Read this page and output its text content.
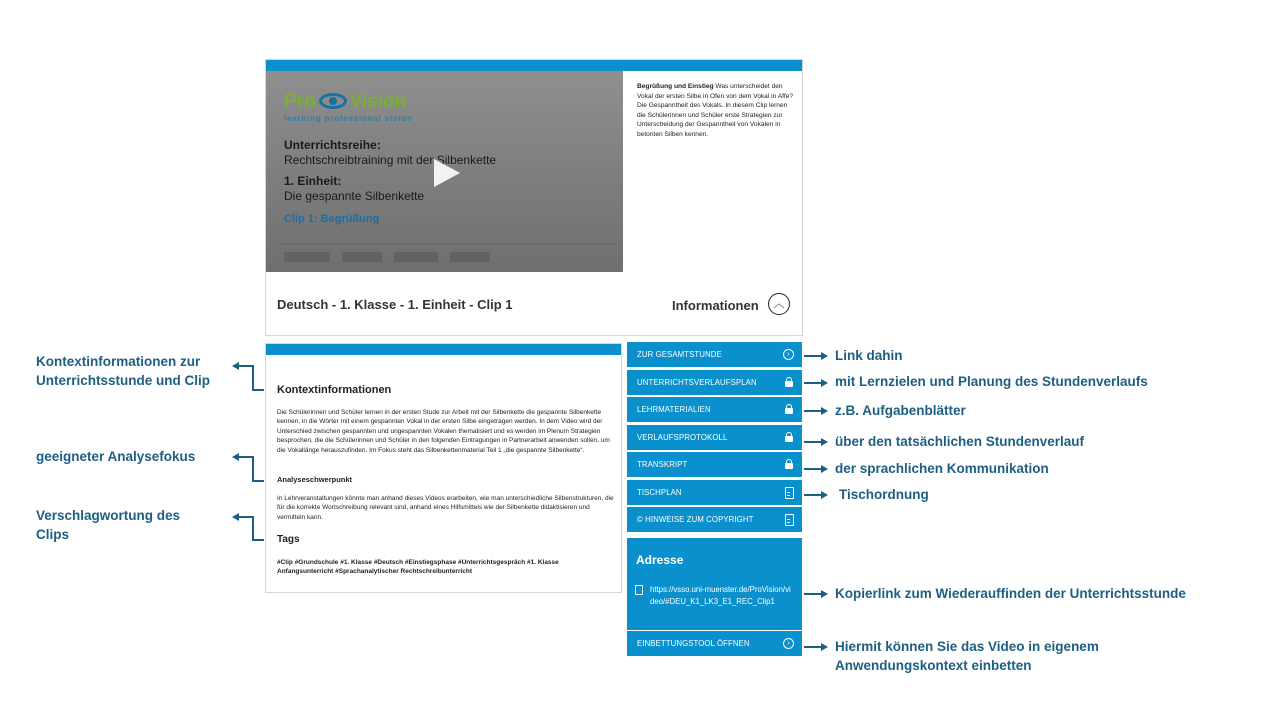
Pro Vision
learning professional vision
Unterrichtsreihe:
Rechtschreibtraining mit der Silbenkette
1. Einheit:
Die gespannte Silbenkette
Clip 1: Begrüßung
Begrüßung und Einstieg Was unterscheidet den Vokal der ersten Silbe in Ofen von dem Vokal in Affe? Die Gespanntheit des Vokals. In diesem Clip lernen die Schülerinnen und Schüler erste Strategien zur Unterscheidung der Gespanntheit von Vokalen in betonten Silben kennen.
Deutsch - 1. Klasse - 1. Einheit - Clip 1	Informationen	︿
Kontextinformationen
Die Schülerinnen und Schüler lernen in der ersten Stude zur Arbeit mit der Silbenkette die gespannte Silbenkette kennen, in die Wörter mit einem gespannten Vokal in der ersten Silbe eingetragen werden. In dem Video wird der Unterschied zwischen gespannten und ungespannten Vokalen thematisiert und es werden im Plenum Strategien besprochen, die die Schülerinnen und Schüler in den folgenden Eintragungen in Partnerarbeit anwenden sollen, um die Vokallänge herauszufinden. Im Fokus steht das Silbenkettenmaterial Teil 1 „die gespannte Silbenkette“.
Analyseschwerpunkt
In Lehrveranstaltungen könnte man anhand dieses Videos erarbeiten, wie man unterschiedliche Silbenstrukturen, die für die korrekte Wortschreibung relevant sind, anhand eines Hilfsmittels wie der Silbenkette didaktisieren und vermitteln kann.
Tags
#Clip #Grundschule #1. Klasse #Deutsch #Einstiegsphase #Unterrichtsgespräch #1. Klasse Anfangsunterricht #Sprachanalytischer Rechtschreibunterricht
ZUR GESAMTSTUNDE	›
UNTERRICHTSVERLAUFSPLAN
LEHRMATERIALIEN
VERLAUFSPROTOKOLL
TRANSKRIPT
TISCHPLAN
© HINWEISE ZUM COPYRIGHT
Adresse
https://vsso.uni-muenster.de/ProVision/video/#DEU_K1_LK3_E1_REC_Clip1
EINBETTUNGSTOOL ÖFFNEN	›
Kontextinformationen zur Unterrichtsstunde und Clip
geeigneter Analysefokus
Verschlagwortung des Clips
Link dahin
mit Lernzielen und Planung des Stundenverlaufs
z.B. Aufgabenblätter
über den tatsächlichen Stundenverlauf
der sprachlichen Kommunikation
Tischordnung
Kopierlink zum Wiederauffinden der Unterrichtsstunde
Hiermit können Sie das Video in eigenem Anwendungskontext einbetten
